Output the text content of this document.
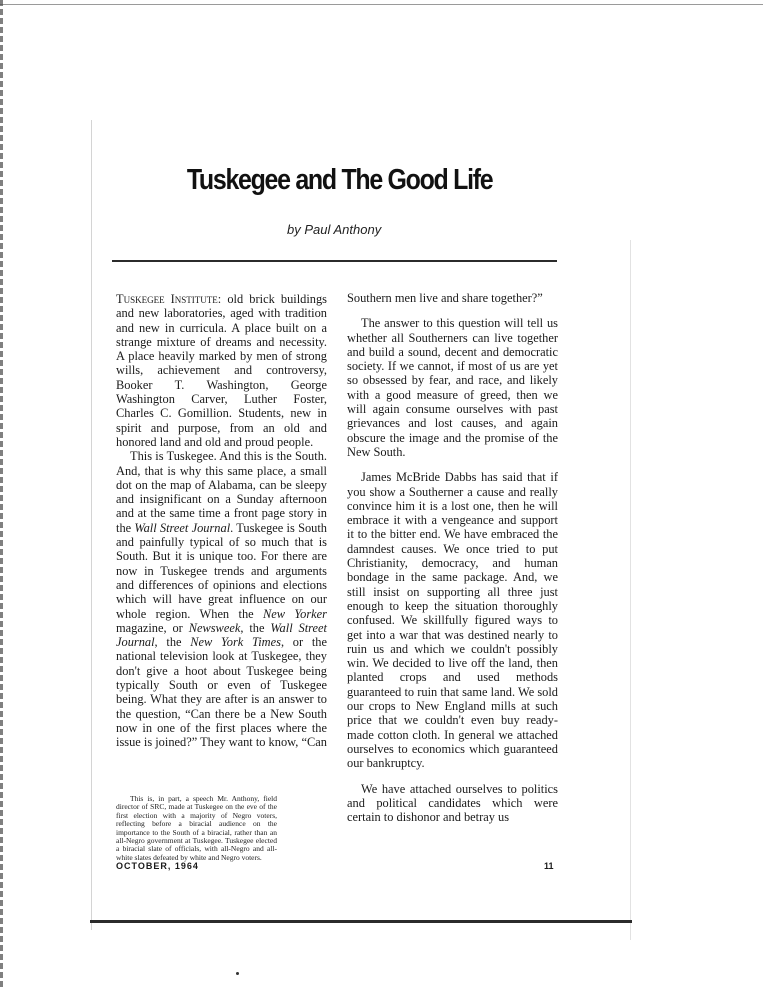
Tuskegee and The Good Life
by Paul Anthony

Tuskegee Institute: old brick buildings and new laboratories, aged with tradition and new in curricula. A place built on a strange mixture of dreams and necessity. A place heavily marked by men of strong wills, achievement and controversy, Booker T. Washington, George Washington Carver, Luther Foster, Charles C. Gomillion. Students, new in spirit and purpose, from an old and honored land and old and proud people.

This is Tuskegee. And this is the South. And, that is why this same place, a small dot on the map of Alabama, can be sleepy and insignificant on a Sunday afternoon and at the same time a front page story in the Wall Street Journal. Tuskegee is South and painfully typical of so much that is South. But it is unique too. For there are now in Tuskegee trends and arguments and differences of opinions and elections which will have great influence on our whole region. When the New Yorker magazine, or Newsweek, the Wall Street Journal, the New York Times, or the national television look at Tuskegee, they don't give a hoot about Tuskegee being typically South or even of Tuskegee being. What they are after is an answer to the question, “Can there be a New South now in one of the first places where the issue is joined?” They want to know, “Can

Southern men live and share together?”

The answer to this question will tell us whether all Southerners can live together and build a sound, decent and democratic society. If we cannot, if most of us are yet so obsessed by fear, and race, and likely with a good measure of greed, then we will again consume ourselves with past grievances and lost causes, and again obscure the image and the promise of the New South.

James McBride Dabbs has said that if you show a Southerner a cause and really convince him it is a lost one, then he will embrace it with a vengeance and support it to the bitter end. We have embraced the damndest causes. We once tried to put Christianity, democracy, and human bondage in the same package. And, we still insist on supporting all three just enough to keep the situation thoroughly confused. We skillfully figured ways to get into a war that was destined nearly to ruin us and which we couldn't possibly win. We decided to live off the land, then planted crops and used methods guaranteed to ruin that same land. We sold our crops to New England mills at such price that we couldn't even buy ready-made cotton cloth. In general we attached ourselves to economics which guaranteed our bankruptcy.

We have attached ourselves to politics and political candidates which were certain to dishonor and betray us

This is, in part, a speech Mr. Anthony, field director of SRC, made at Tuskegee on the eve of the first election with a majority of Negro voters, reflecting before a biracial audience on the importance to the South of a biracial, rather than an all-Negro government at Tuskegee. Tuskegee elected a biracial slate of officials, with all-Negro and all-white slates defeated by white and Negro voters.

OCTOBER, 1964	11
